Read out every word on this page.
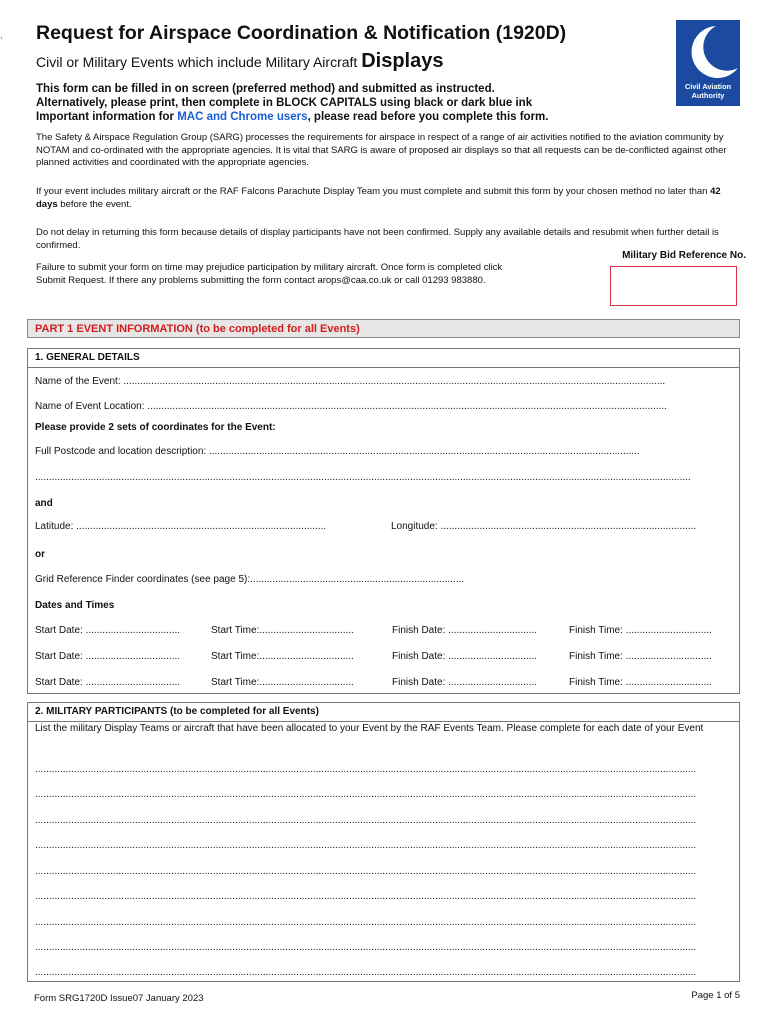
, Request for Airspace Coordination & Notification (1920D)
Civil or Military Events which include Military Aircraft Displays
Civil Aviation Authority
This form can be filled in on screen (preferred method) and submitted as instructed.
Alternatively, please print, then complete in BLOCK CAPITALS using black or dark blue ink
Important information for MAC and Chrome users, please read before you complete this form.
The Safety & Airspace Regulation Group (SARG) processes the requirements for airspace in respect of a range of air activities notified to the aviation community by NOTAM and co-ordinated with the appropriate agencies. It is vital that SARG is aware of proposed air displays so that all requests can be de-conflicted against other planned activities and coordinated with the appropriate agencies.
If your event includes military aircraft or the RAF Falcons Parachute Display Team you must complete and submit this form by your chosen method no later than 42 days before the event.
Do not delay in returning this form because details of display participants have not been confirmed. Supply any available details and resubmit when further detail is confirmed.
Failure to submit your form on time may prejudice participation by military aircraft. Once form is completed click Submit Request. If there any problems submitting the form contact arops@caa.co.uk or call 01293 983880.
Military Bid Reference No.
PART 1 EVENT INFORMATION (to be completed for all Events)
1. GENERAL DETAILS
Name of the Event: ...................................................................................................................................................................................................
Name of Event Location: ...........................................................................................................................................................................................
Please provide 2 sets of coordinates for the Event:
Full Postcode and location description: ...........................................................................................................................................................
............................................................................................................................................................................................................................................
and
Latitude: ..........................................................................................	Longitude: ............................................................................................
or
Grid Reference Finder coordinates (see page 5):.............................................................................
Dates and Times
Start Date: ..................................	Start Time:..................................	Finish Date: ................................	Finish Time: ...............................
Start Date: ..................................	Start Time:..................................	Finish Date: ................................	Finish Time: ...............................
Start Date: ..................................	Start Time:..................................	Finish Date: ................................	Finish Time: ...............................
2. MILITARY PARTICIPANTS (to be completed for all Events)
List the military Display Teams or aircraft that have been allocated to your Event by the RAF Events Team. Please complete for each date of your Event
..............................................................................................................................................................................................................................................
..............................................................................................................................................................................................................................................
..............................................................................................................................................................................................................................................
..............................................................................................................................................................................................................................................
..............................................................................................................................................................................................................................................
..............................................................................................................................................................................................................................................
..............................................................................................................................................................................................................................................
..............................................................................................................................................................................................................................................
..............................................................................................................................................................................................................................................
Form SRG1720D Issue07 January 2023	Page 1 of 5
